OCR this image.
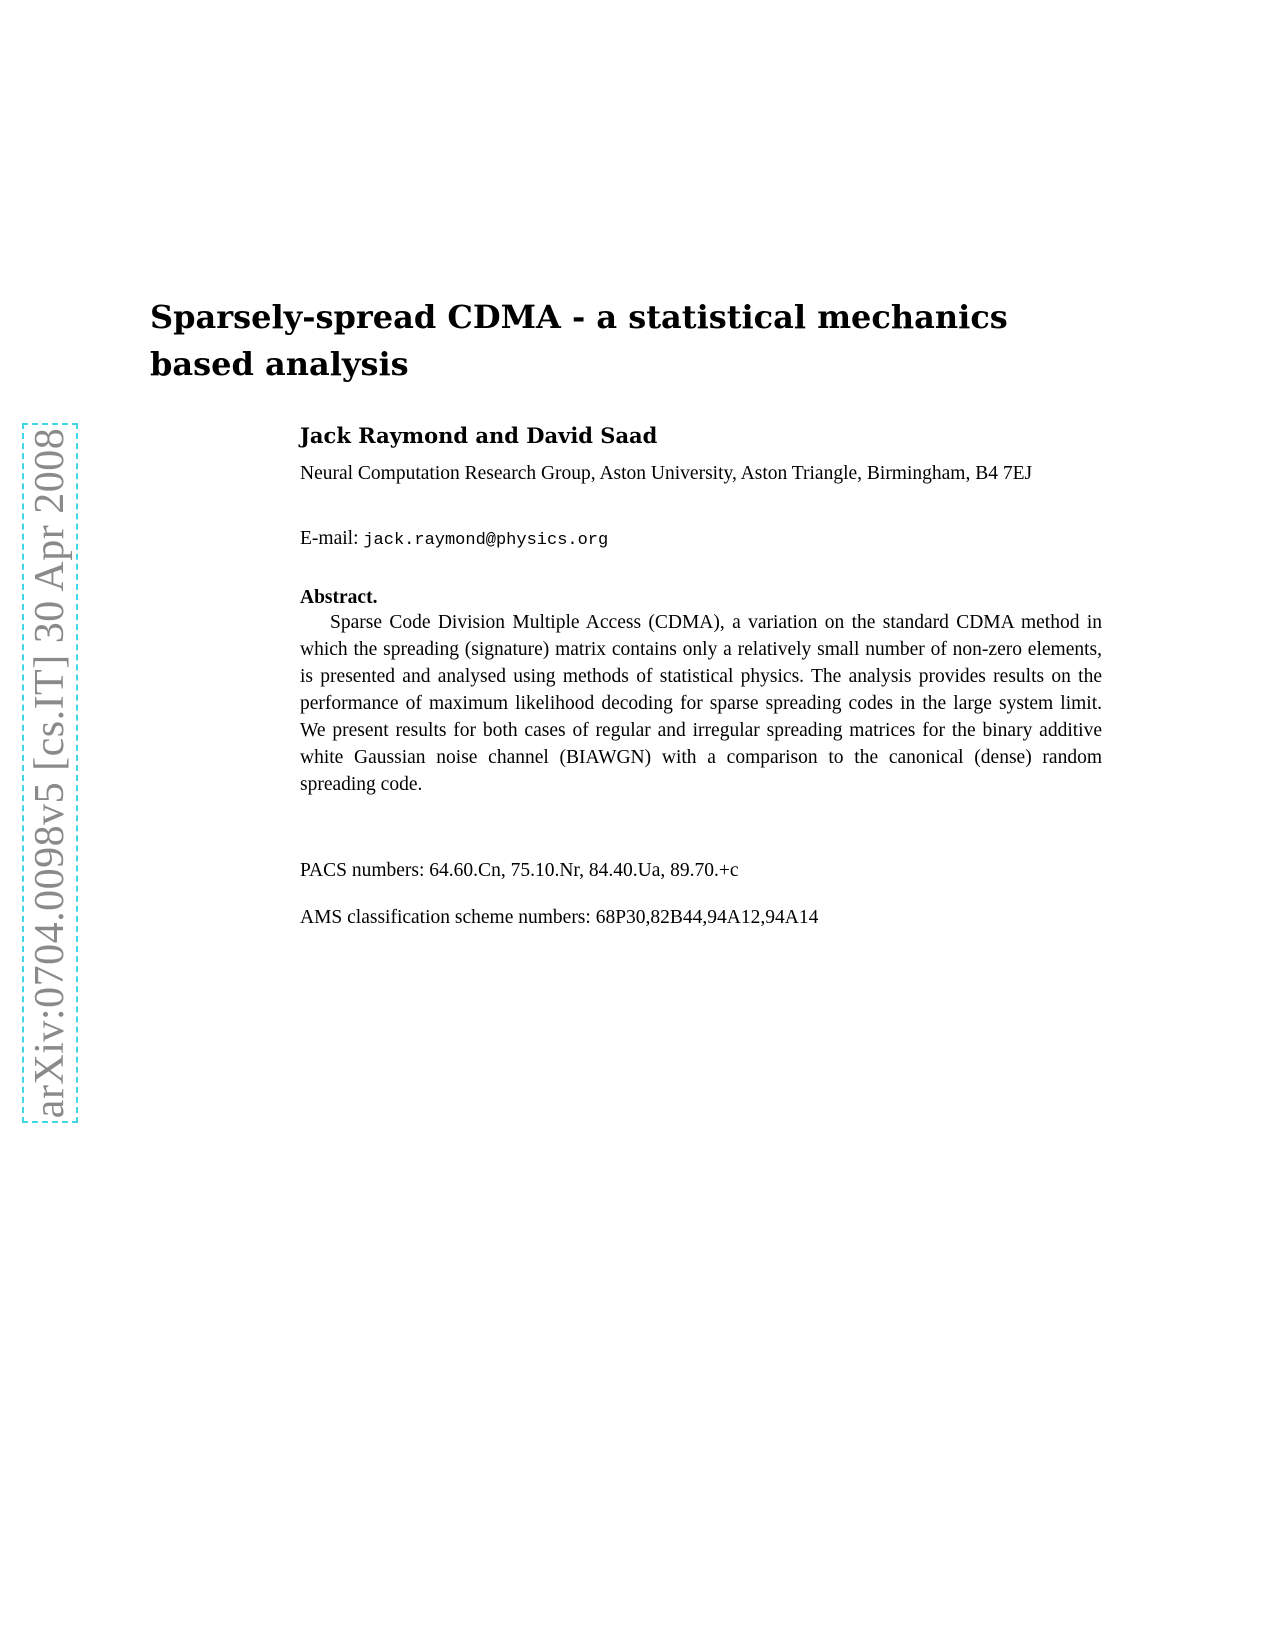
arXiv:0704.0098v5 [cs.IT] 30 Apr 2008
Sparsely-spread CDMA - a statistical mechanics based analysis
Jack Raymond and David Saad
Neural Computation Research Group, Aston University, Aston Triangle, Birmingham, B4 7EJ
E-mail: jack.raymond@physics.org
Abstract.

Sparse Code Division Multiple Access (CDMA), a variation on the standard CDMA method in which the spreading (signature) matrix contains only a relatively small number of non-zero elements, is presented and analysed using methods of statistical physics. The analysis provides results on the performance of maximum likelihood decoding for sparse spreading codes in the large system limit. We present results for both cases of regular and irregular spreading matrices for the binary additive white Gaussian noise channel (BIAWGN) with a comparison to the canonical (dense) random spreading code.

PACS numbers: 64.60.Cn, 75.10.Nr, 84.40.Ua, 89.70.+c
AMS classification scheme numbers: 68P30,82B44,94A12,94A14
